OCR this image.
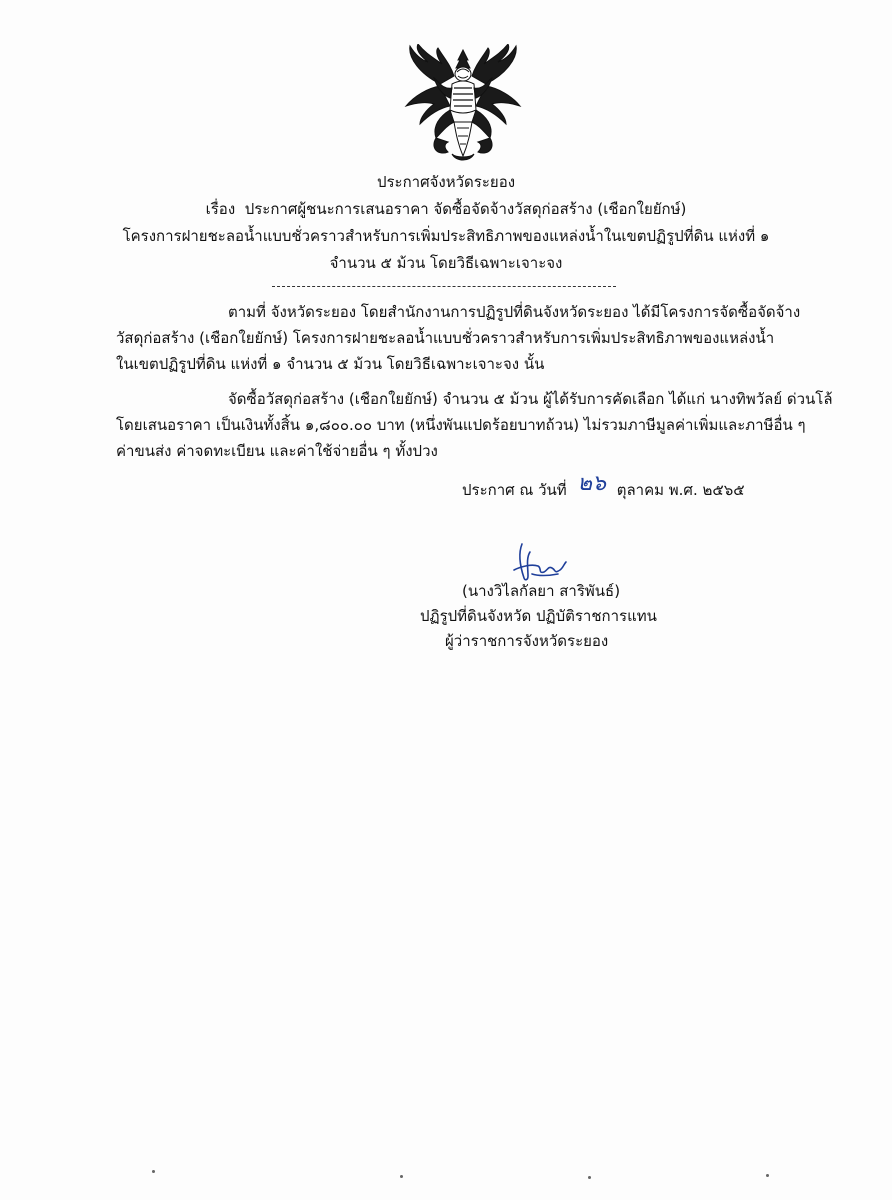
ประกาศจังหวัดระยอง
เรื่อง ประกาศผู้ชนะการเสนอราคา จัดซื้อจัดจ้างวัสดุก่อสร้าง (เชือกใยยักษ์)
โครงการฝายชะลอน้ำแบบชั่วคราวสำหรับการเพิ่มประสิทธิภาพของแหล่งน้ำในเขตปฏิรูปที่ดิน แห่งที่ ๑
จำนวน ๕ ม้วน โดยวิธีเฉพาะเจาะจง
ตามที่ จังหวัดระยอง โดยสำนักงานการปฏิรูปที่ดินจังหวัดระยอง ได้มีโครงการจัดซื้อจัดจ้าง
วัสดุก่อสร้าง (เชือกใยยักษ์) โครงการฝายชะลอน้ำแบบชั่วคราวสำหรับการเพิ่มประสิทธิภาพของแหล่งน้ำ
ในเขตปฏิรูปที่ดิน แห่งที่ ๑ จำนวน ๕ ม้วน โดยวิธีเฉพาะเจาะจง นั้น
จัดซื้อวัสดุก่อสร้าง (เชือกใยยักษ์) จำนวน ๕ ม้วน ผู้ได้รับการคัดเลือก ได้แก่ นางทิพวัลย์ ด่วนโล้
โดยเสนอราคา เป็นเงินทั้งสิ้น ๑,๘๐๐.๐๐ บาท (หนึ่งพันแปดร้อยบาทถ้วน) ไม่รวมภาษีมูลค่าเพิ่มและภาษีอื่น ๆ
ค่าขนส่ง ค่าจดทะเบียน และค่าใช้จ่ายอื่น ๆ ทั้งปวง
ประกาศ ณ วันที่ ๒๖ ตุลาคม พ.ศ. ๒๕๖๕
(นางวิไลกัลยา สาริพันธ์)
ปฏิรูปที่ดินจังหวัด ปฏิบัติราชการแทน
ผู้ว่าราชการจังหวัดระยอง
